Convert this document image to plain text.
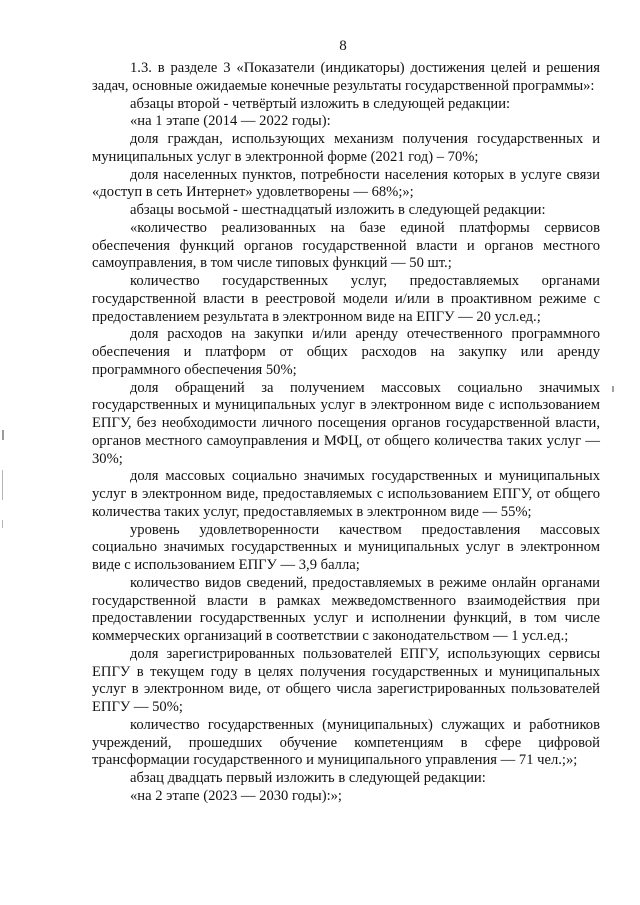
8

1.3. в разделе 3 «Показатели (индикаторы) достижения целей и решения задач, основные ожидаемые конечные результаты государственной программы»:

абзацы второй - четвёртый изложить в следующей редакции:

«на 1 этапе (2014 — 2022 годы):

доля граждан, использующих механизм получения государственных и муниципальных услуг в электронной форме (2021 год) – 70%;

доля населенных пунктов, потребности населения которых в услуге связи «доступ в сеть Интернет» удовлетворены — 68%;»;

абзацы восьмой - шестнадцатый изложить в следующей редакции:

«количество реализованных на базе единой платформы сервисов обеспечения функций органов государственной власти и органов местного самоуправления, в том числе типовых функций — 50 шт.;

количество государственных услуг, предоставляемых органами государственной власти в реестровой модели и/или в проактивном режиме с предоставлением результата в электронном виде на ЕПГУ — 20 усл.ед.;

доля расходов на закупки и/или аренду отечественного программного обеспечения и платформ от общих расходов на закупку или аренду программного обеспечения 50%;

доля обращений за получением массовых социально значимых государственных и муниципальных услуг в электронном виде с использованием ЕПГУ, без необходимости личного посещения органов государственной власти, органов местного самоуправления и МФЦ, от общего количества таких услуг — 30%;

доля массовых социально значимых государственных и муниципальных услуг в электронном виде, предоставляемых с использованием ЕПГУ, от общего количества таких услуг, предоставляемых в электронном виде — 55%;

уровень удовлетворенности качеством предоставления массовых социально значимых государственных и муниципальных услуг в электронном виде с использованием ЕПГУ — 3,9 балла;

количество видов сведений, предоставляемых в режиме онлайн органами государственной власти в рамках межведомственного взаимодействия при предоставлении государственных услуг и исполнении функций, в том числе коммерческих организаций в соответствии с законодательством — 1 усл.ед.;

доля зарегистрированных пользователей ЕПГУ, использующих сервисы ЕПГУ в текущем году в целях получения государственных и муниципальных услуг в электронном виде, от общего числа зарегистрированных пользователей ЕПГУ — 50%;

количество государственных (муниципальных) служащих и работников учреждений, прошедших обучение компетенциям в сфере цифровой трансформации государственного и муниципального управления — 71 чел.;»;

абзац двадцать первый изложить в следующей редакции:

«на 2 этапе (2023 — 2030 годы):»;
